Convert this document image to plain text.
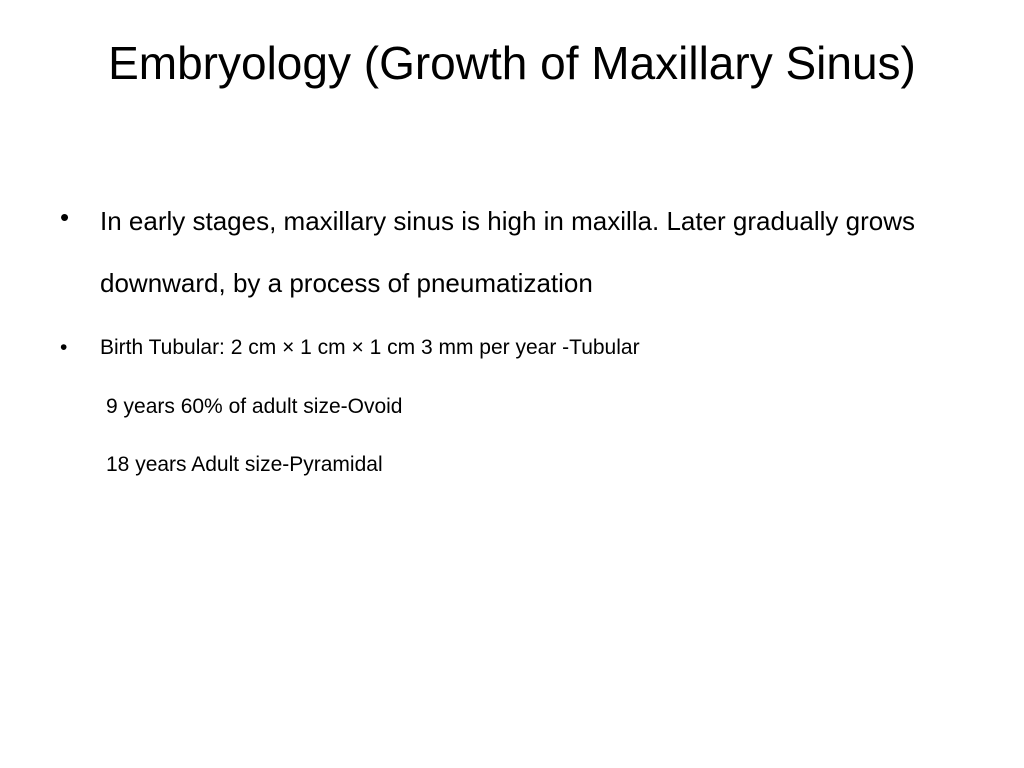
Embryology (Growth of Maxillary Sinus)
•	In early stages, maxillary sinus is high in maxilla. Later gradually grows downward, by a process of pneumatization
•	Birth Tubular: 2 cm × 1 cm × 1 cm 3 mm per year -Tubular
9 years 60% of adult size-Ovoid
18 years Adult size-Pyramidal
